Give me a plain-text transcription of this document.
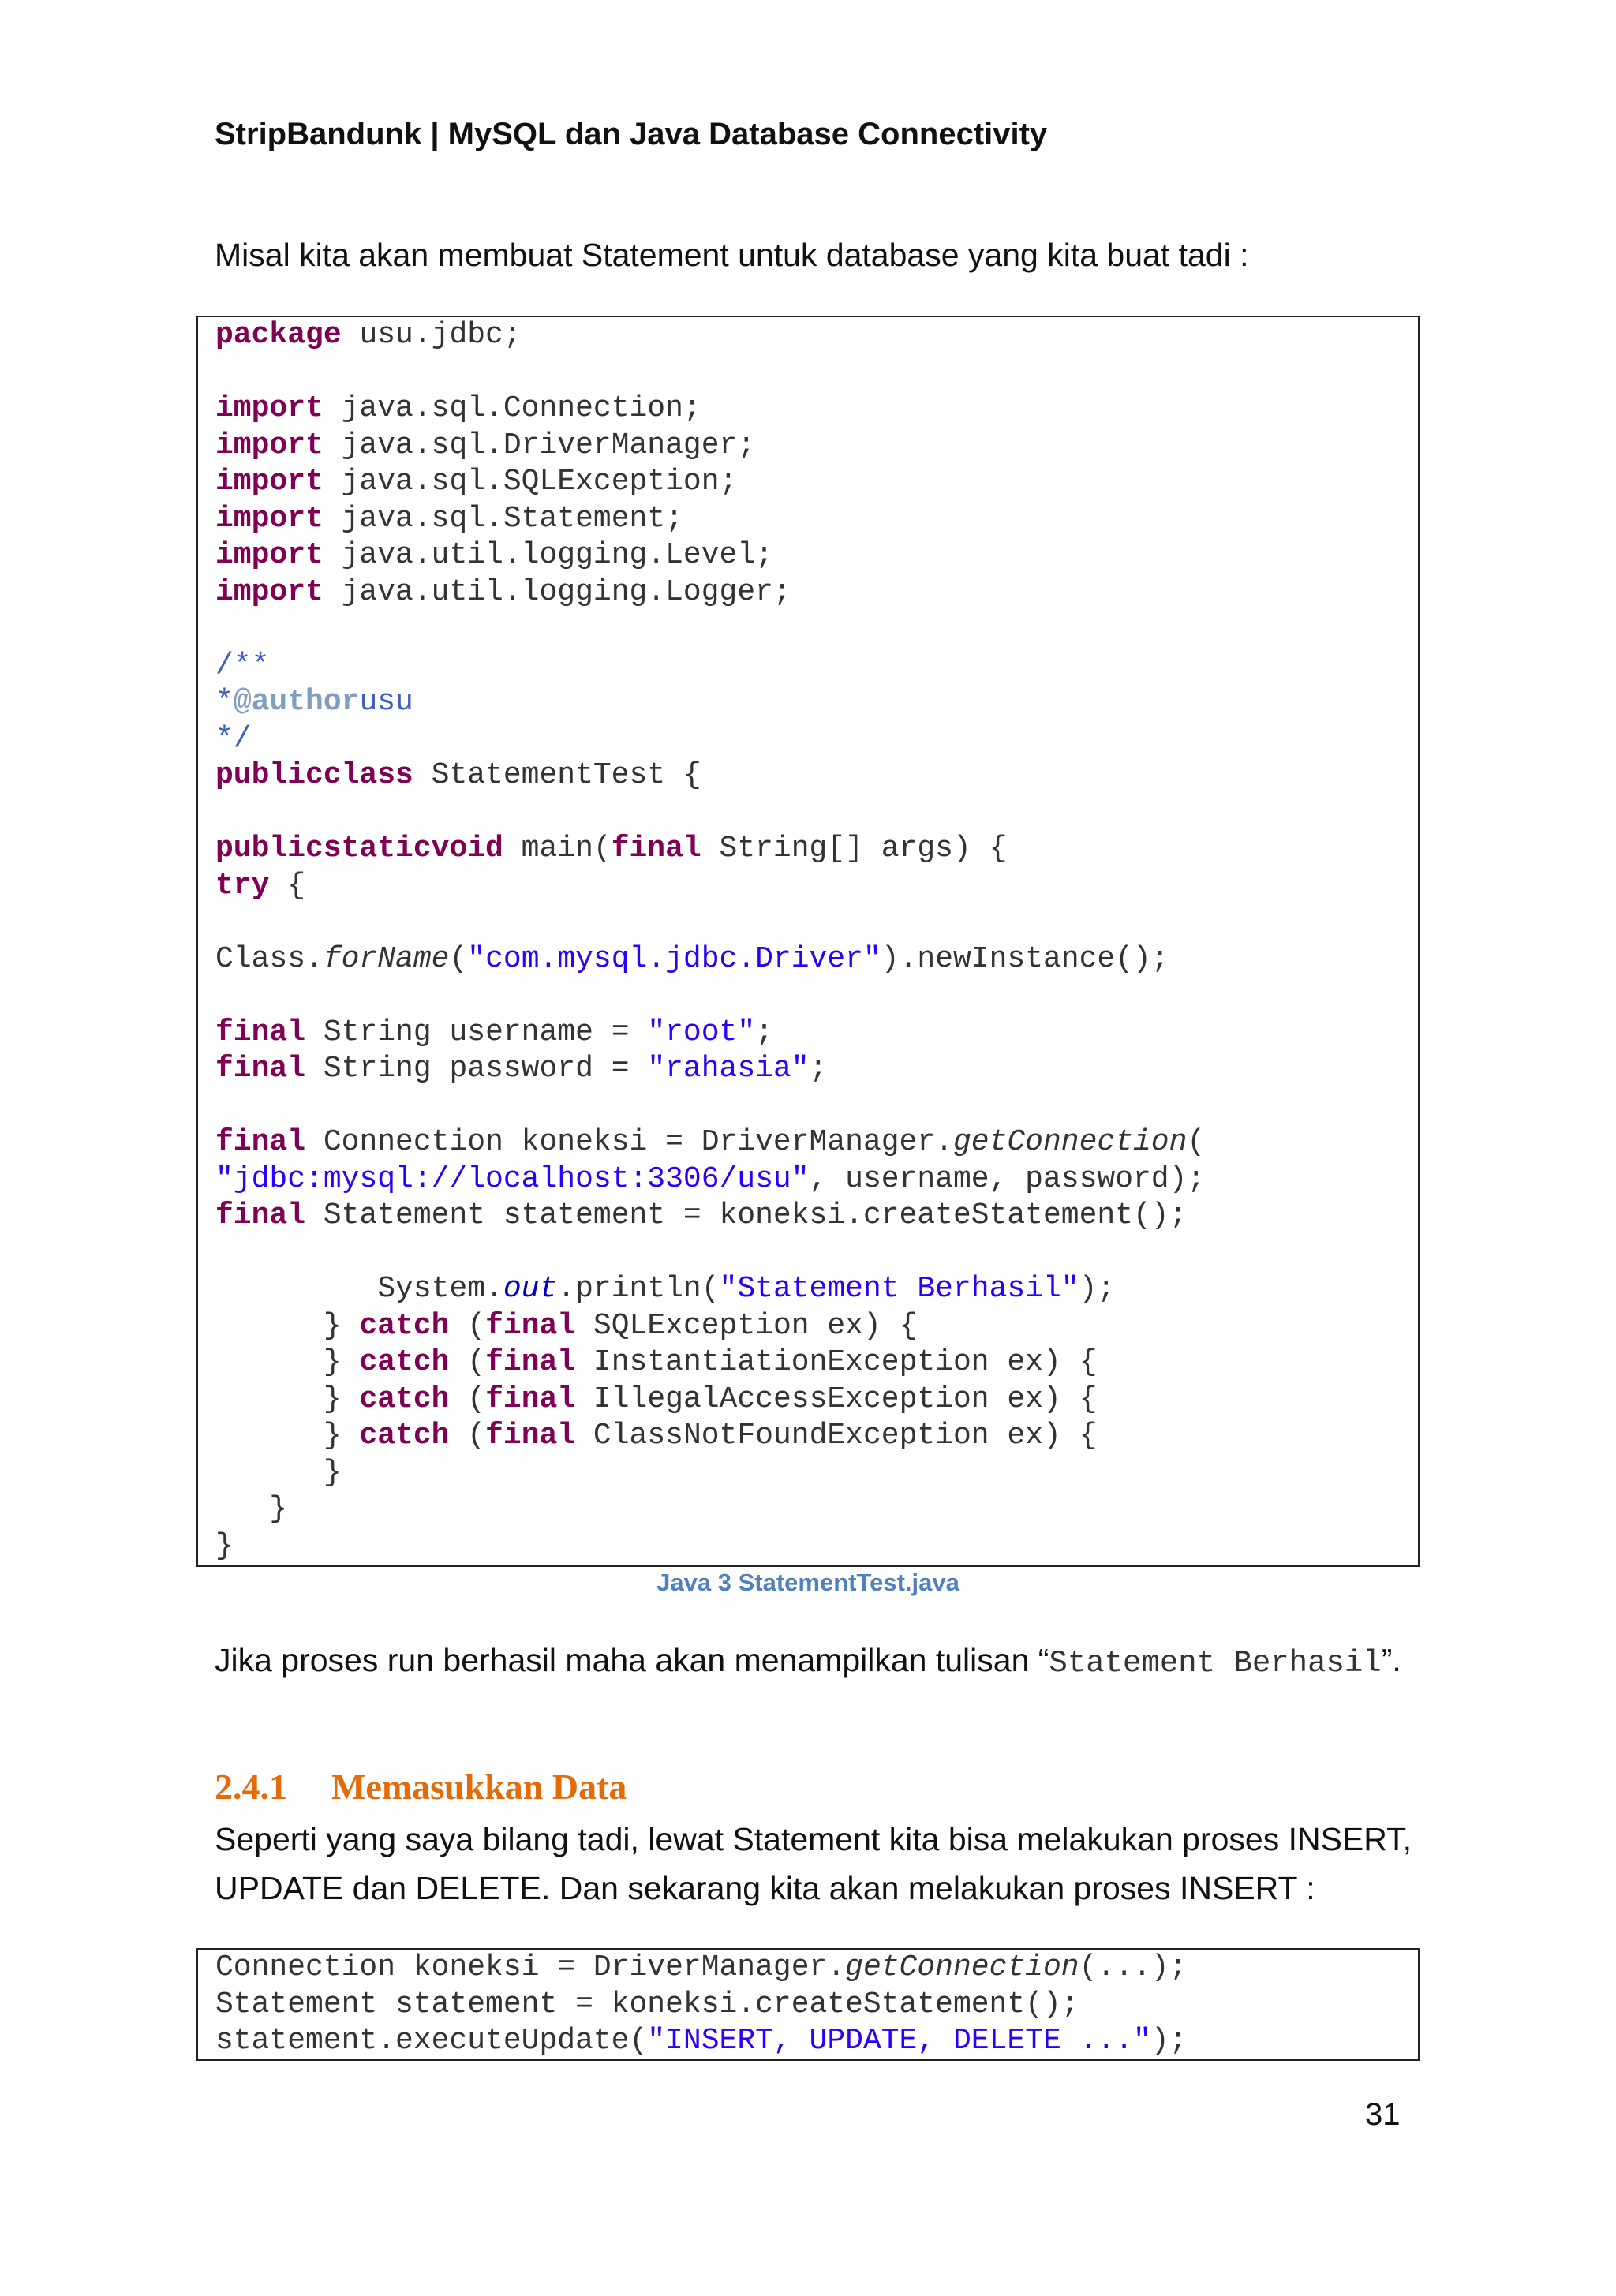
StripBandunk | MySQL dan Java Database Connectivity
Misal kita akan membuat Statement untuk database yang kita buat tadi :
package usu.jdbc;

import java.sql.Connection;
import java.sql.DriverManager;
import java.sql.SQLException;
import java.sql.Statement;
import java.util.logging.Level;
import java.util.logging.Logger;

/**
*@authorusu
*/
publicclass StatementTest {

publicstaticvoid main(final String[] args) {
try {

Class.forName("com.mysql.jdbc.Driver").newInstance();

final String username = "root";
final String password = "rahasia";

final Connection koneksi = DriverManager.getConnection(
"jdbc:mysql://localhost:3306/usu", username, password);
final Statement statement = koneksi.createStatement();

System.out.println("Statement Berhasil");
} catch (final SQLException ex) {
} catch (final InstantiationException ex) {
} catch (final IllegalAccessException ex) {
} catch (final ClassNotFoundException ex) {
}
}
}
Java 3 StatementTest.java
Jika proses run berhasil maha akan menampilkan tulisan “Statement Berhasil”.
2.4.1 Memasukkan Data
Seperti yang saya bilang tadi, lewat Statement kita bisa melakukan proses INSERT, UPDATE dan DELETE. Dan sekarang kita akan melakukan proses INSERT :
Connection koneksi = DriverManager.getConnection(...);
Statement statement = koneksi.createStatement();
statement.executeUpdate("INSERT, UPDATE, DELETE ...");
31
